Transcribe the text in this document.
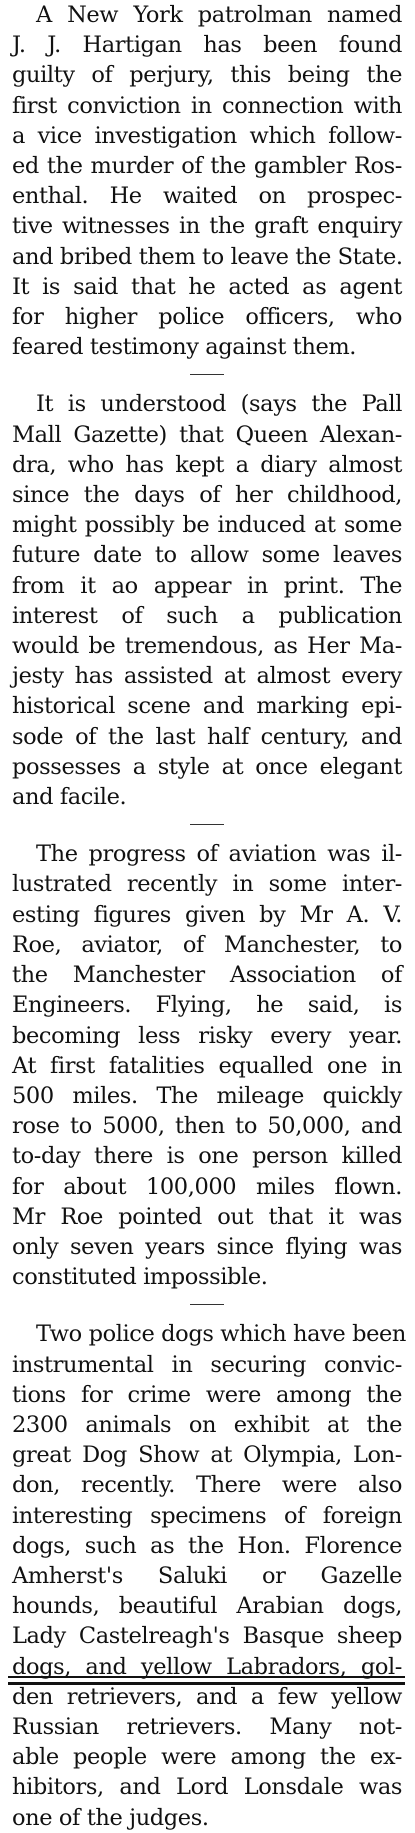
A New York patrolman named
J. J. Hartigan has been found
guilty of perjury, this being the
first conviction in connection with
a vice investigation which follow-
ed the murder of the gambler Ros-
enthal. He waited on prospec-
tive witnesses in the graft enquiry
and bribed them to leave the State.
It is said that he acted as agent
for higher police officers, who
feared testimony against them.
It is understood (says the Pall
Mall Gazette) that Queen Alexan-
dra, who has kept a diary almost
since the days of her childhood,
might possibly be induced at some
future date to allow some leaves
from it ao appear in print. The
interest of such a publication
would be tremendous, as Her Ma-
jesty has assisted at almost every
historical scene and marking epi-
sode of the last half century, and
possesses a style at once elegant
and facile.
The progress of aviation was il-
lustrated recently in some inter-
esting figures given by Mr A. V.
Roe, aviator, of Manchester, to
the Manchester Association of
Engineers. Flying, he said, is
becoming less risky every year.
At first fatalities equalled one in
500 miles. The mileage quickly
rose to 5000, then to 50,000, and
to-day there is one person killed
for about 100,000 miles flown.
Mr Roe pointed out that it was
only seven years since flying was
constituted impossible.
Two police dogs which have been
instrumental in securing convic-
tions for crime were among the
2300 animals on exhibit at the
great Dog Show at Olympia, Lon-
don, recently. There were also
interesting specimens of foreign
dogs, such as the Hon. Florence
Amherst's Saluki or Gazelle
hounds, beautiful Arabian dogs,
Lady Castelreagh's Basque sheep
dogs, and yellow Labradors, gol-
den retrievers, and a few yellow
Russian retrievers. Many not-
able people were among the ex-
hibitors, and Lord Lonsdale was
one of the judges.
